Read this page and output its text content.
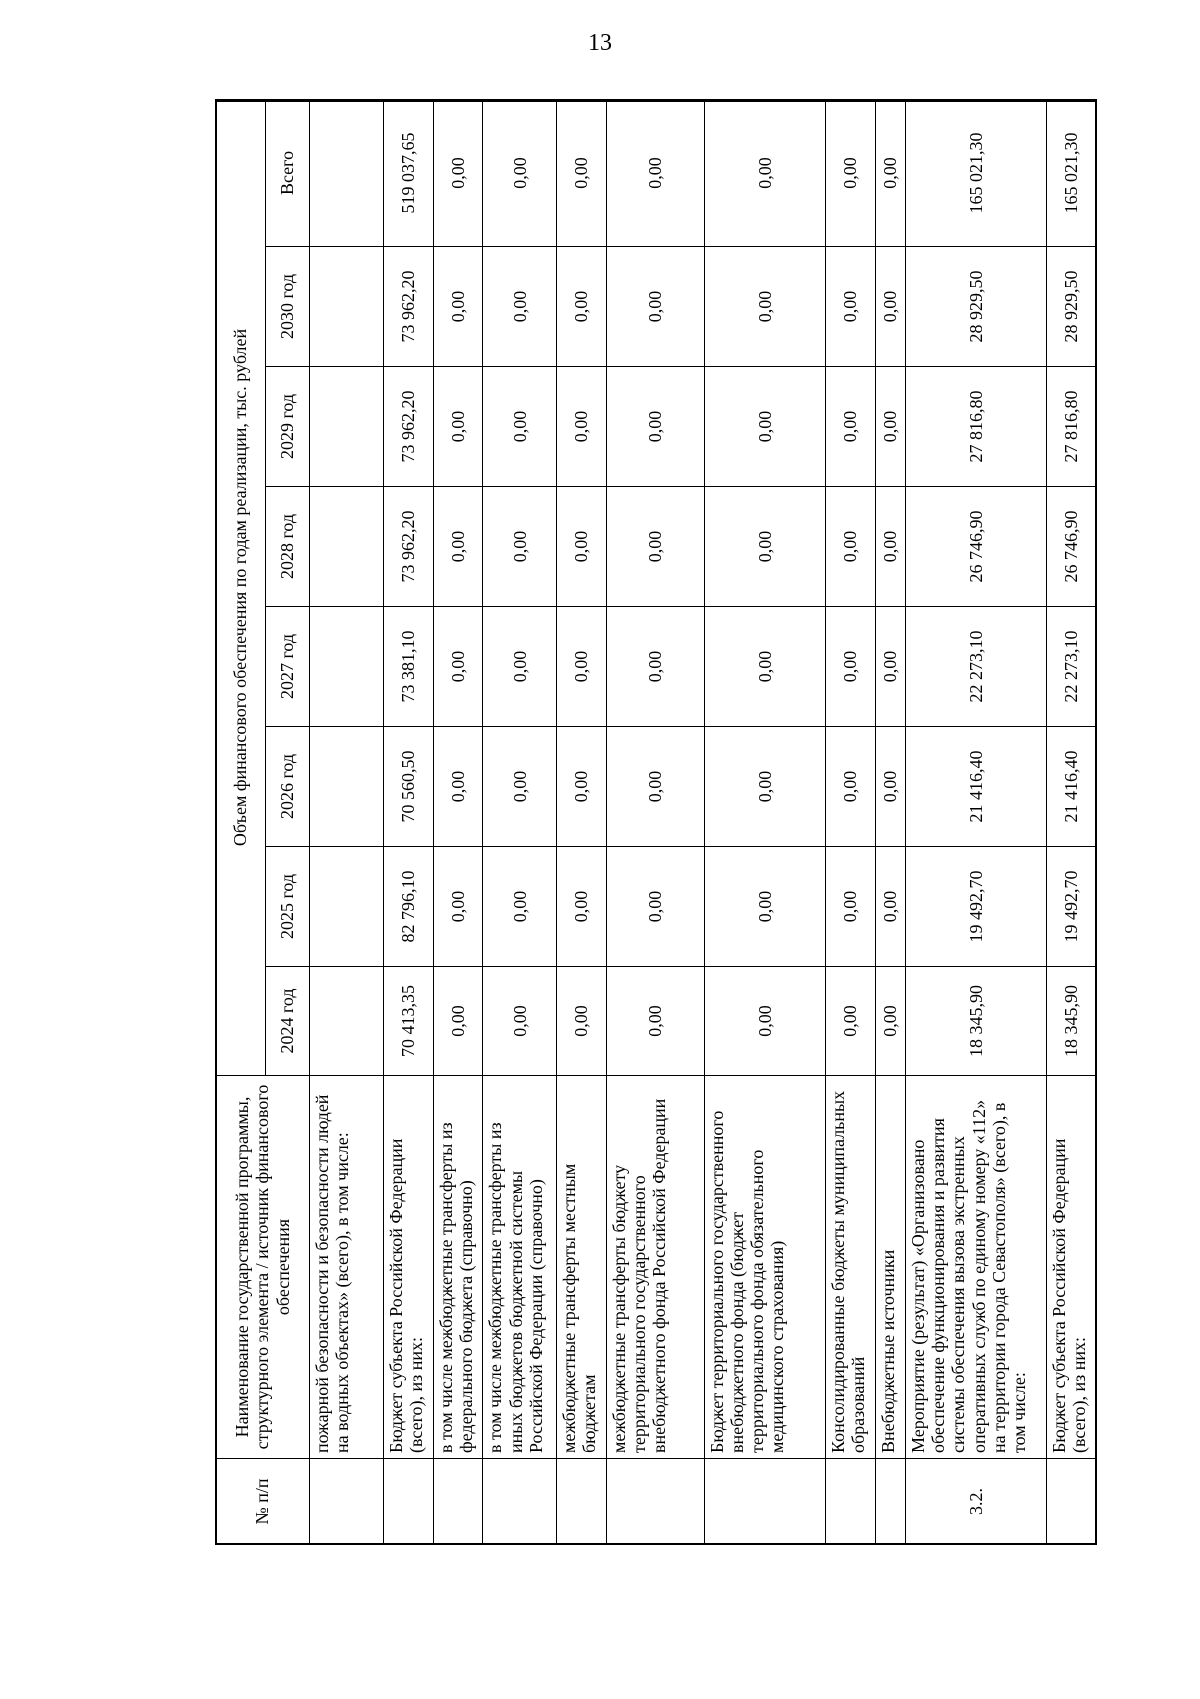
13
№ п/п	Наименование государственной программы, структурного элемента / источник финансового обеспечения	Объем финансового обеспечения по годам реализации, тыс. рублей							
		2024 год	2025 год	2026 год	2027 год	2028 год	2029 год	2030 год	Всего
	пожарной безопасности и безопасности людей на водных объектах» (всего), в том числе:								
	Бюджет субъекта Российской Федерации (всего), из них:	70 413,35	82 796,10	70 560,50	73 381,10	73 962,20	73 962,20	73 962,20	519 037,65
	в том числе межбюджетные трансферты из федерального бюджета (справочно)	0,00	0,00	0,00	0,00	0,00	0,00	0,00	0,00
	в том числе межбюджетные трансферты из иных бюджетов бюджетной системы Российской Федерации (справочно)	0,00	0,00	0,00	0,00	0,00	0,00	0,00	0,00
	межбюджетные трансферты местным бюджетам	0,00	0,00	0,00	0,00	0,00	0,00	0,00	0,00
	межбюджетные трансферты бюджету территориального государственного внебюджетного фонда Российской Федерации	0,00	0,00	0,00	0,00	0,00	0,00	0,00	0,00
	Бюджет территориального государственного внебюджетного фонда (бюджет территориального фонда обязательного медицинского страхования)	0,00	0,00	0,00	0,00	0,00	0,00	0,00	0,00
	Консолидированные бюджеты муниципальных образований	0,00	0,00	0,00	0,00	0,00	0,00	0,00	0,00
	Внебюджетные источники	0,00	0,00	0,00	0,00	0,00	0,00	0,00	0,00
3.2.	Мероприятие (результат) «Организовано обеспечение функционирования и развития системы обеспечения вызова экстренных оперативных служб по единому номеру «112» на территории города Севастополя» (всего), в том числе:	18 345,90	19 492,70	21 416,40	22 273,10	26 746,90	27 816,80	28 929,50	165 021,30
	Бюджет субъекта Российской Федерации (всего), из них:	18 345,90	19 492,70	21 416,40	22 273,10	26 746,90	27 816,80	28 929,50	165 021,30
